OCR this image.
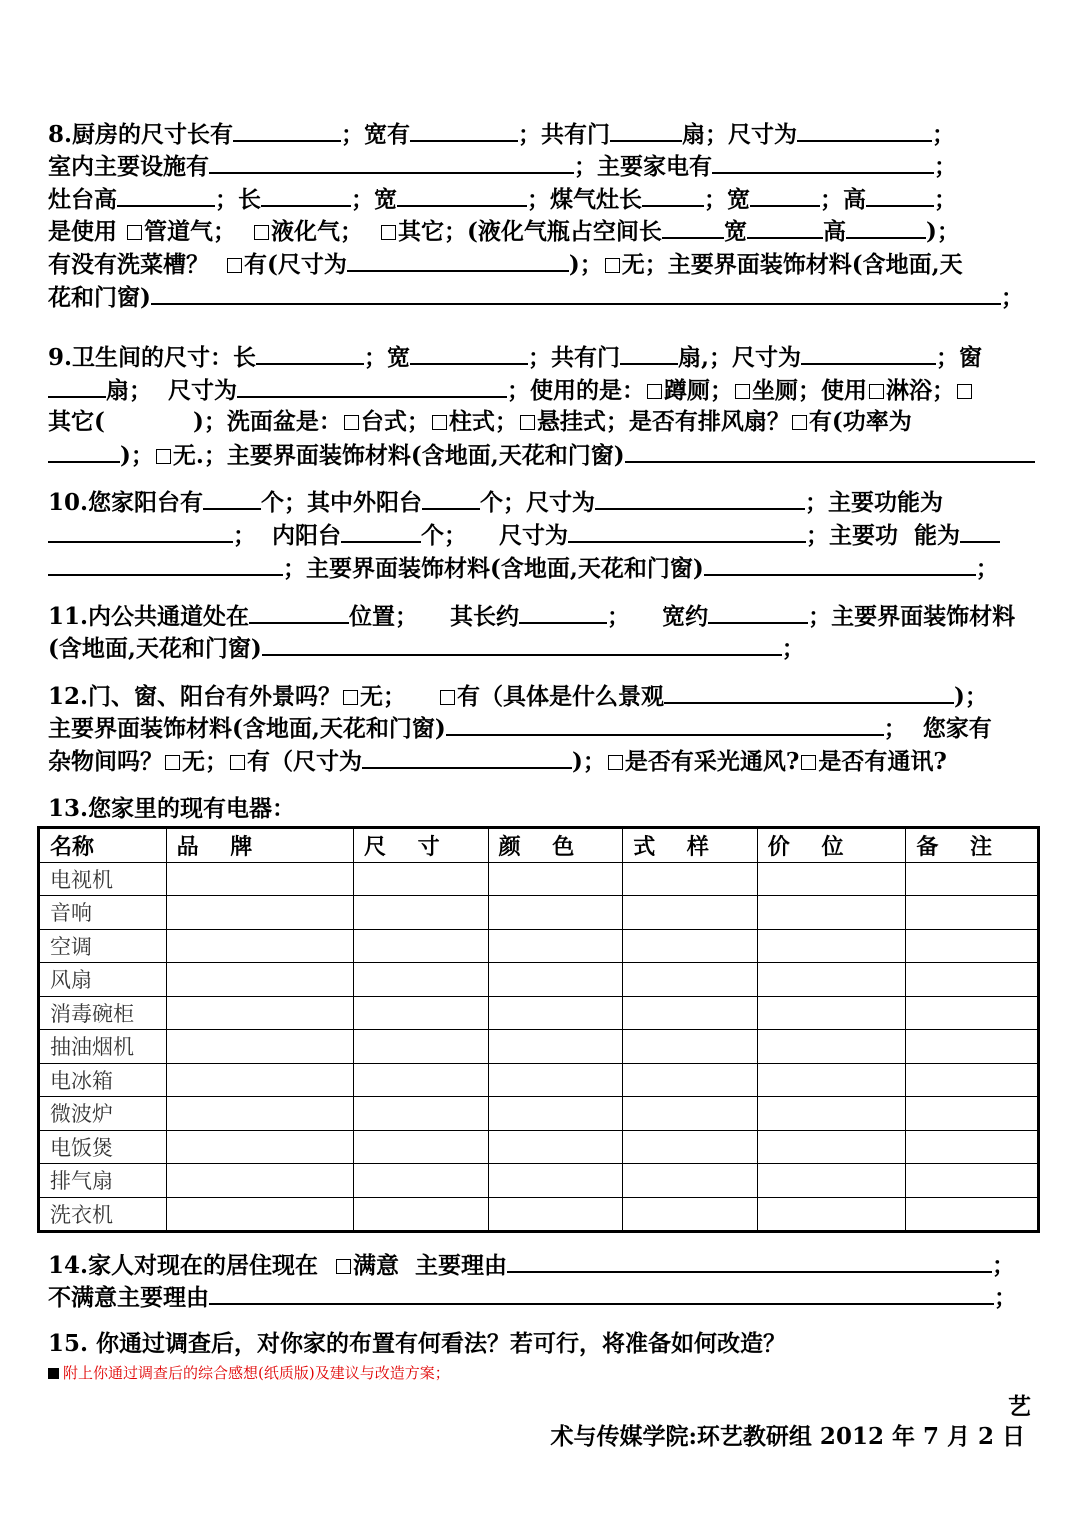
8.厨房的尺寸长有	；宽有	；共有门	扇；尺寸为	；
室内主要设施有	；主要家电有	；
灶台高	；长	；宽	；煤气灶长	；宽	；高	；
是使用 管道气； 液化气； 其它；(液化气瓶占空间长	宽	高	)；
有没有洗菜槽？ 有(尺寸为	)； 无；主要界面装饰材料(含地面,天
花和门窗)	；
9.卫生间的尺寸：长	；宽	；共有门	扇,；尺寸为	；窗
扇；  尺寸为	；使用的是： 蹲厕； 坐厕；使用 淋浴；
其它(           )；洗面盆是： 台式； 柱式； 悬挂式；是否有排风扇？ 有(功率为
)； 无.；主要界面装饰材料(含地面,天花和门窗)
10.您家阳台有	个；其中外阳台	个；尺寸为	；主要功能为
；  内阳台	个；    尺寸为	；主要功  能为
；主要界面装饰材料(含地面,天花和门窗)	；
11.内公共通道处在	位置；    其长约	；    宽约	；主要界面装饰材料
(含地面,天花和门窗)	；
12.门、窗、阳台有外景吗？ 无；    有（具体是什么景观	)；
主要界面装饰材料(含地面,天花和门窗)	；  您家有
杂物间吗？ 无； 有（尺寸为	)； 是否有采光通风? 是否有通讯?
13.您家里的现有电器：
名称	品 牌	尺 寸	颜 色	式 样	价 位	备 注
电视机						
音响						
空调						
风扇						
消毒碗柜						
抽油烟机						
电冰箱						
微波炉						
电饭煲						
排气扇						
洗衣机						
14.家人对现在的居住现在 满意  主要理由	；
不满意主要理由	；
15. 你通过调查后，对你家的布置有何看法？若可行，将准备如何改造？
附上你通过调查后的综合感想(纸质版)及建议与改造方案；
艺
术与传媒学院:环艺教研组 2012 年 7 月 2 日
